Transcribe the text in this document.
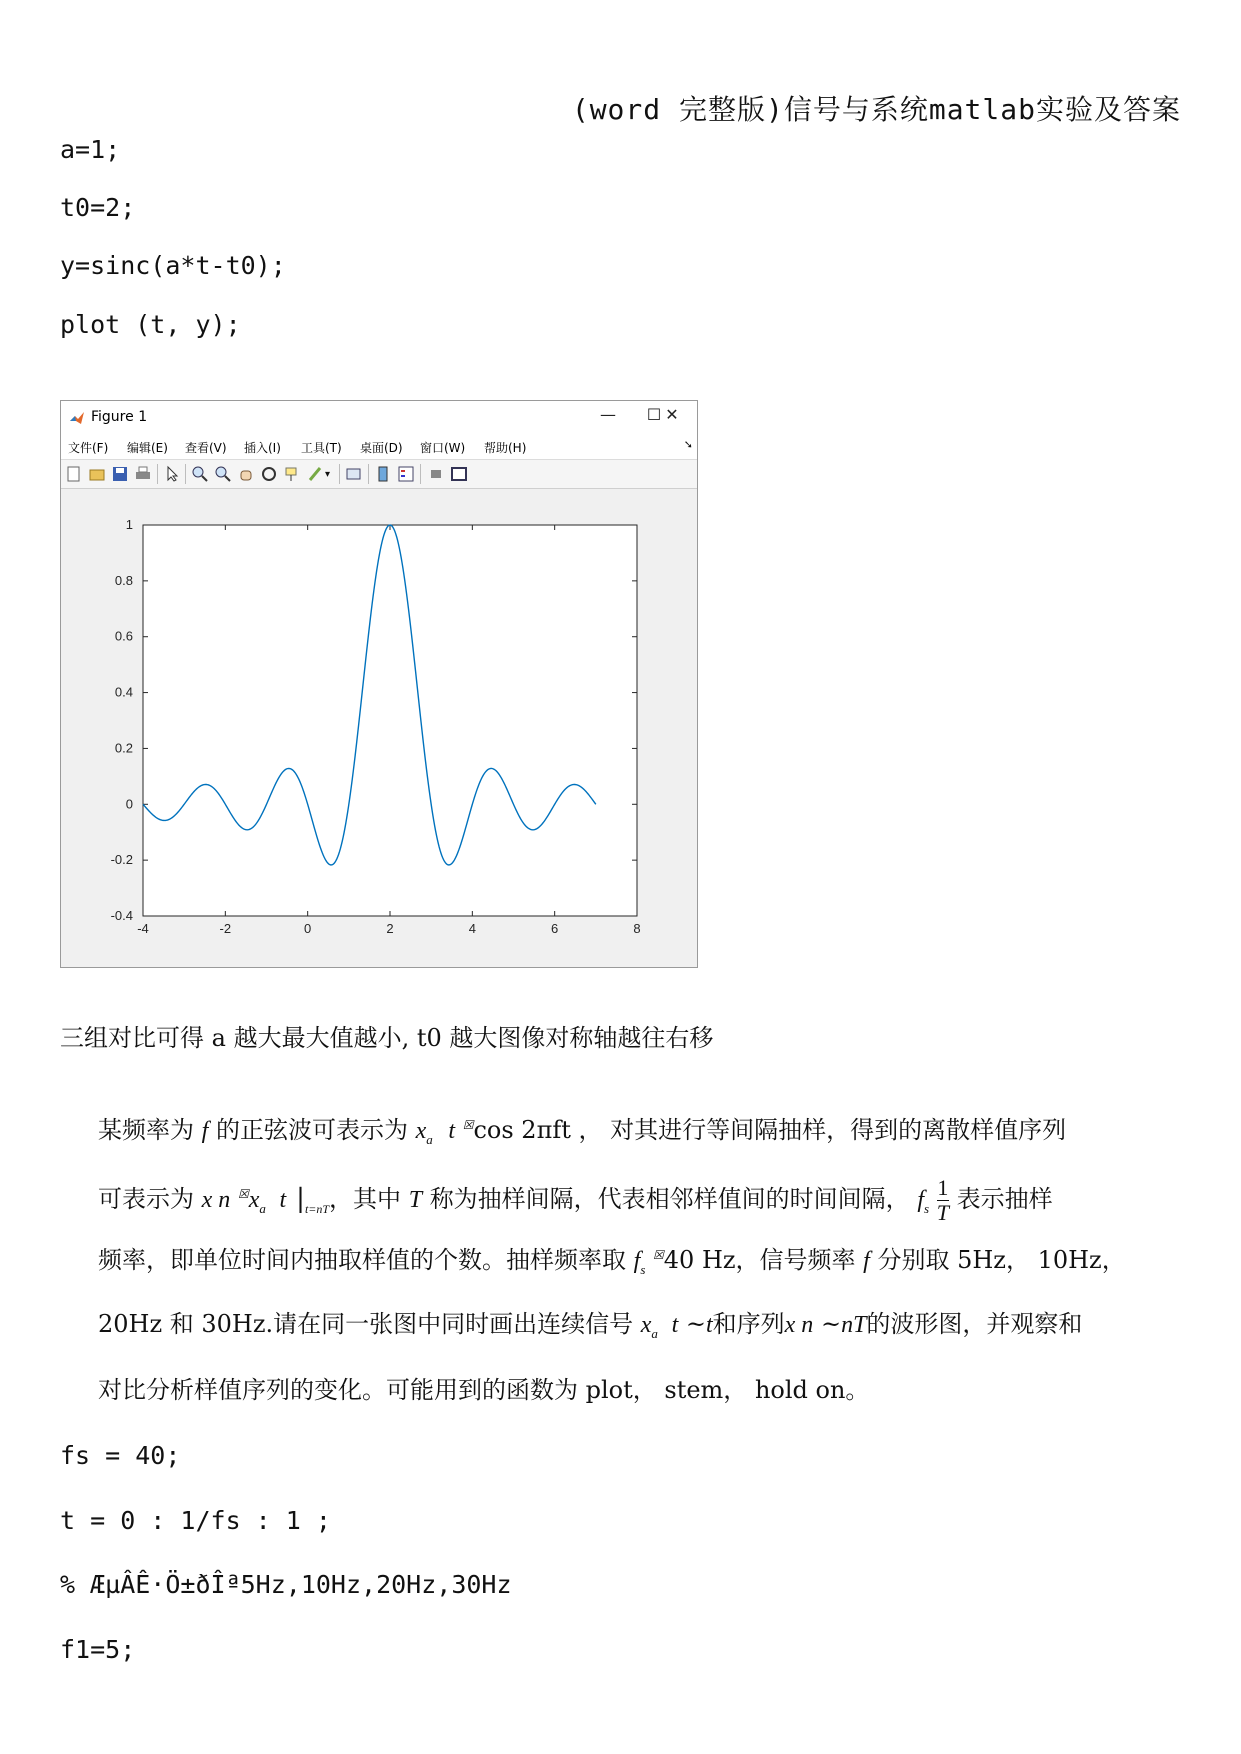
(word 完整版)信号与系统matlab实验及答案
a=1;
t0=2;
y=sinc(a*t-t0);
plot (t, y);
Figure 1	—	☐ ✕
文件(F) 编辑(E) 查看(V) 插入(I) 工具(T) 桌面(D) 窗口(W) 帮助(H)	➘
▾
-4	-2	0	2	4	6	8
-0.4
-0.2
0
0.2
0.4
0.6
0.8
1
三组对比可得 a 越大最大值越小, t0 越大图像对称轴越往右移
某频率为 f 的正弦波可表示为 $x_a$ t ☒cos 2πft ， 对其进行等间隔抽样，得到的离散样值序列
可表示为 x n $^☒x_a$ t $|_{t=nT}$，其中 T 称为抽样间隔，代表相邻样值间的时间间隔， $f_s \frac{1}{T}$ 表示抽样
频率，即单位时间内抽取样值的个数。抽样频率取 $f_s$ ☒40 Hz，信号频率 f 分别取 5Hz， 10Hz，
20Hz 和 30Hz.请在同一张图中同时画出连续信号 $x_a$ t ~t和序列x n ~nT的波形图，并观察和
对比分析样值序列的变化。可能用到的函数为 plot， stem， hold on。
fs = 40;
t = 0 : 1/fs : 1 ;
% ÆµÂÊ·Ö±ðÎª5Hz,10Hz,20Hz,30Hz
f1=5;
